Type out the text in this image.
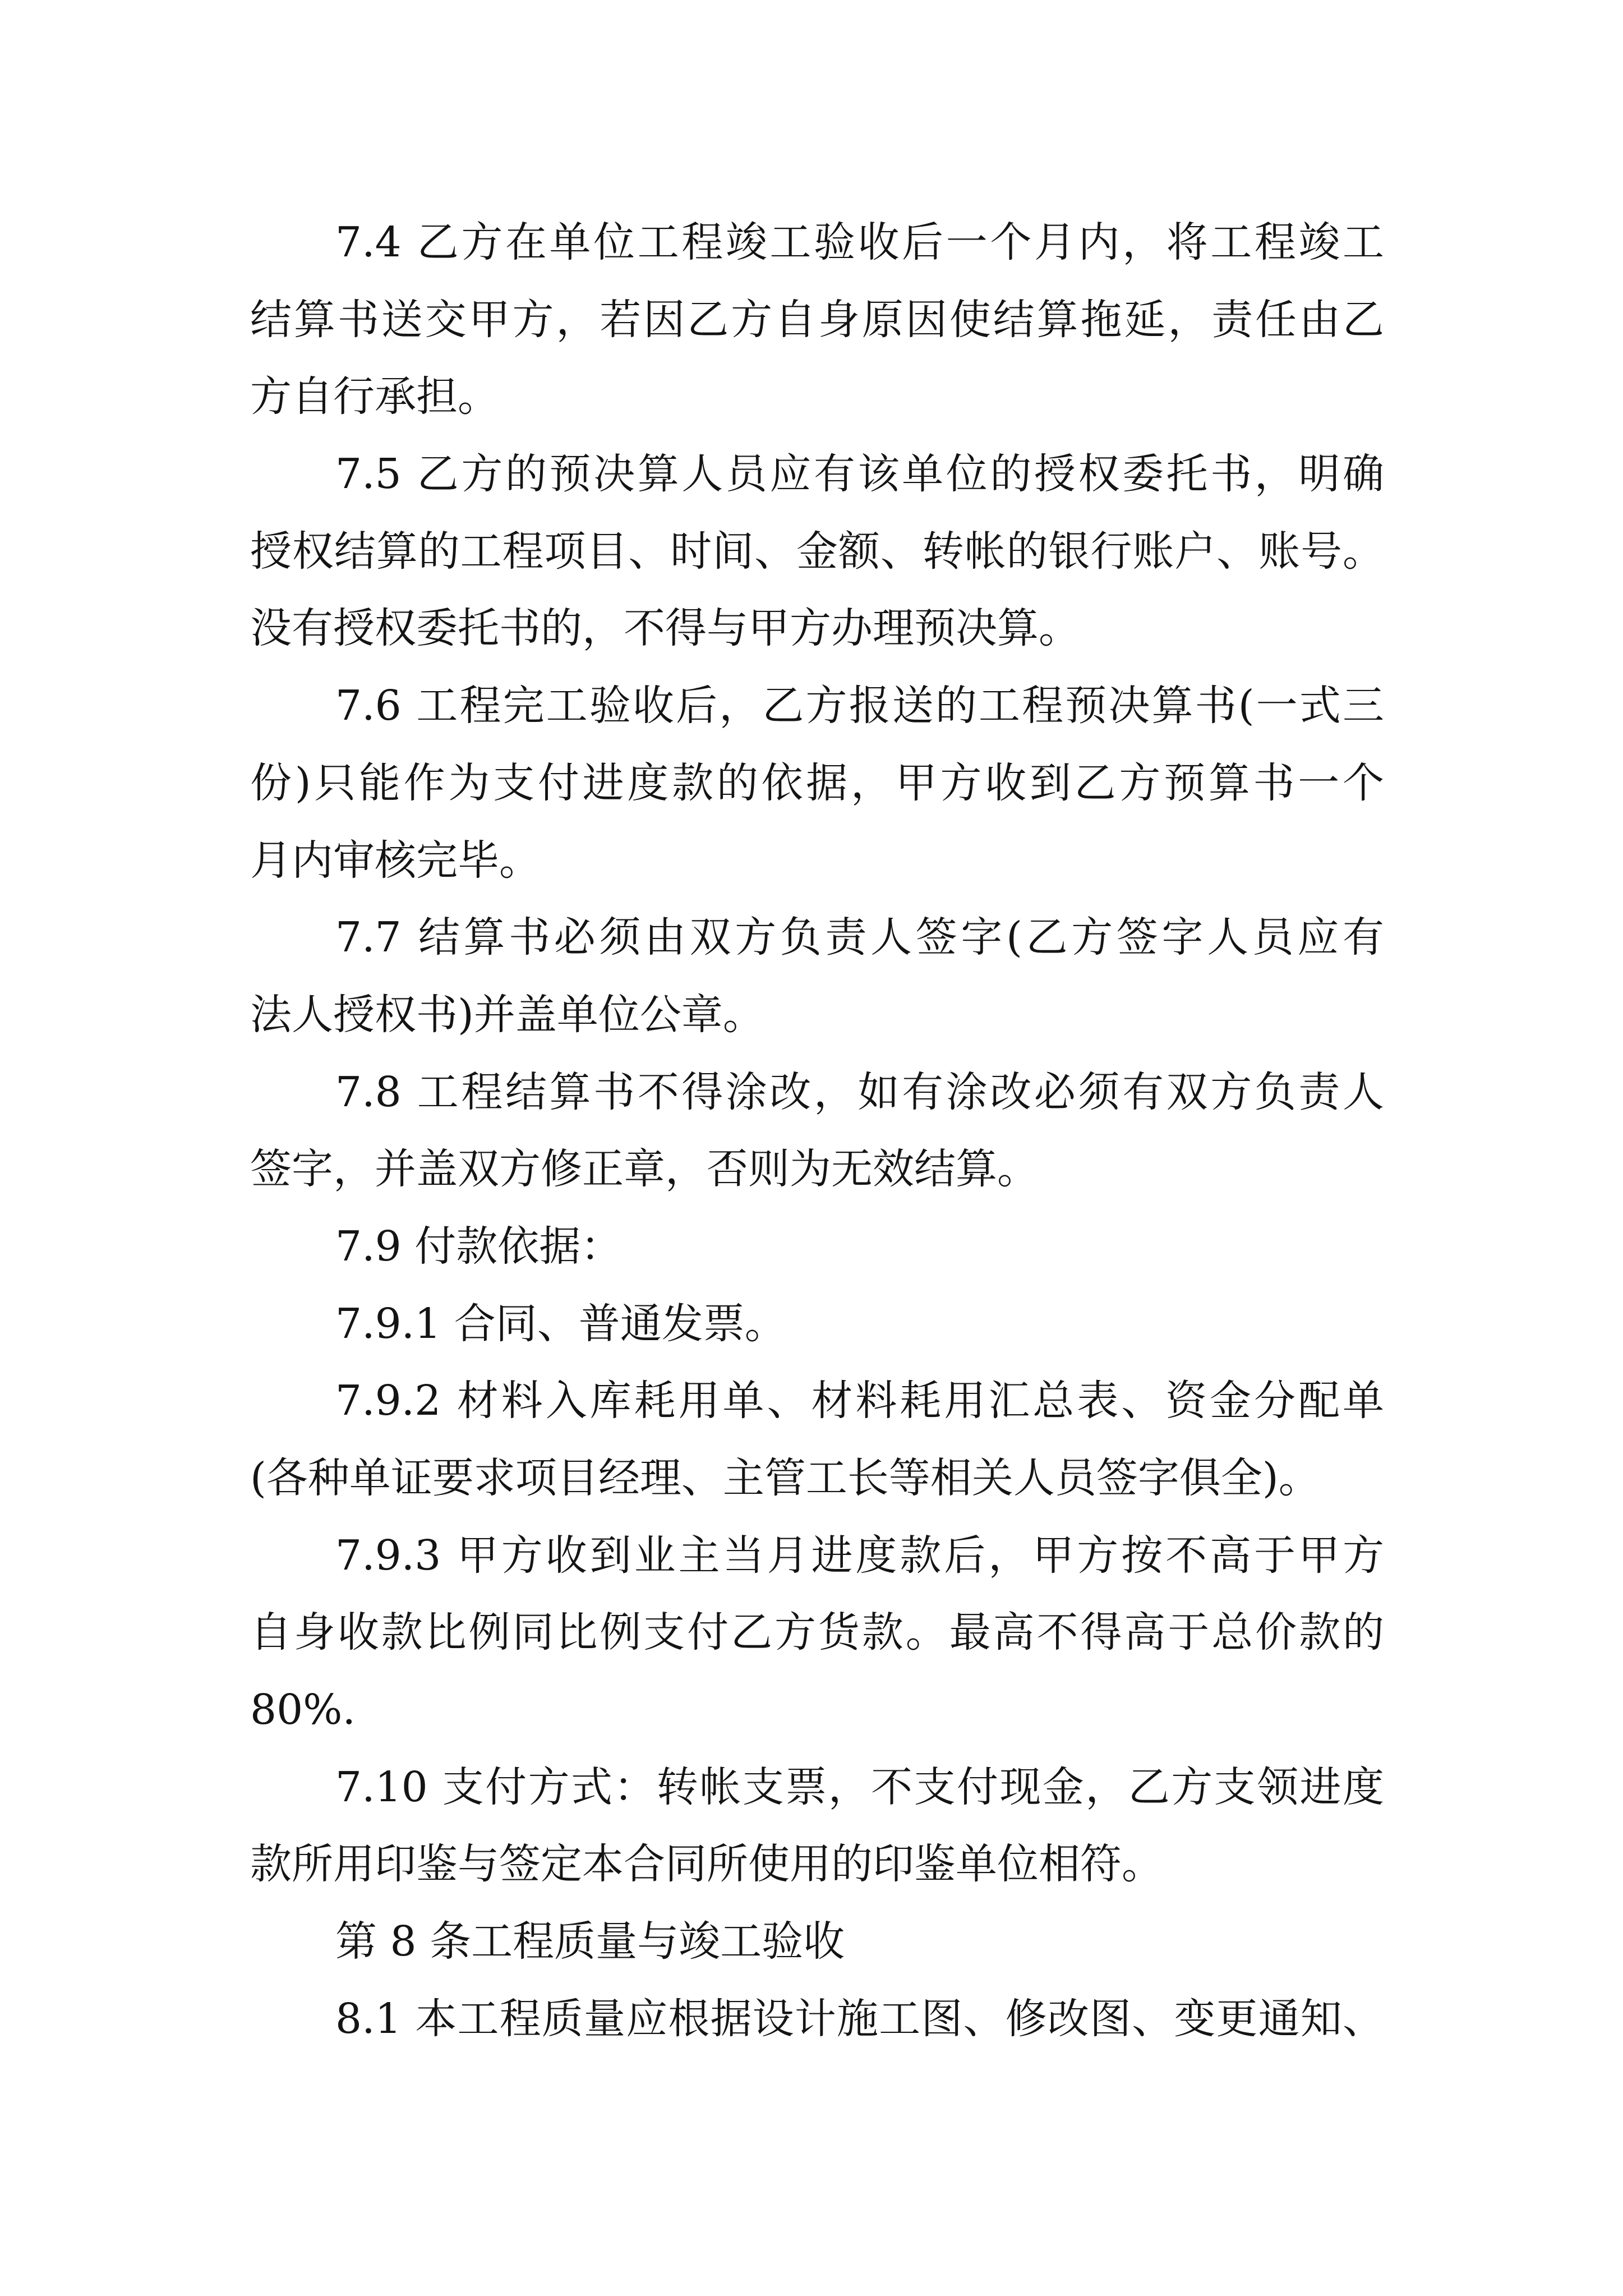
7.4 乙方在单位工程竣工验收后一个月内，将工程竣工
结算书送交甲方，若因乙方自身原因使结算拖延，责任由乙
方自行承担。
7.5 乙方的预决算人员应有该单位的授权委托书，明确
授权结算的工程项目、时间、金额、转帐的银行账户、账号。
没有授权委托书的，不得与甲方办理预决算。
7.6 工程完工验收后，乙方报送的工程预决算书(一式三
份)只能作为支付进度款的依据，甲方收到乙方预算书一个
月内审核完毕。
7.7 结算书必须由双方负责人签字(乙方签字人员应有
法人授权书)并盖单位公章。
7.8 工程结算书不得涂改，如有涂改必须有双方负责人
签字，并盖双方修正章，否则为无效结算。
7.9 付款依据：
7.9.1 合同、普通发票。
7.9.2 材料入库耗用单、材料耗用汇总表、资金分配单
(各种单证要求项目经理、主管工长等相关人员签字俱全)。
7.9.3 甲方收到业主当月进度款后，甲方按不高于甲方
自身收款比例同比例支付乙方货款。最高不得高于总价款的
80%.
7.10 支付方式：转帐支票，不支付现金，乙方支领进度
款所用印鉴与签定本合同所使用的印鉴单位相符。
第 8 条工程质量与竣工验收
8.1 本工程质量应根据设计施工图、修改图、变更通知、
